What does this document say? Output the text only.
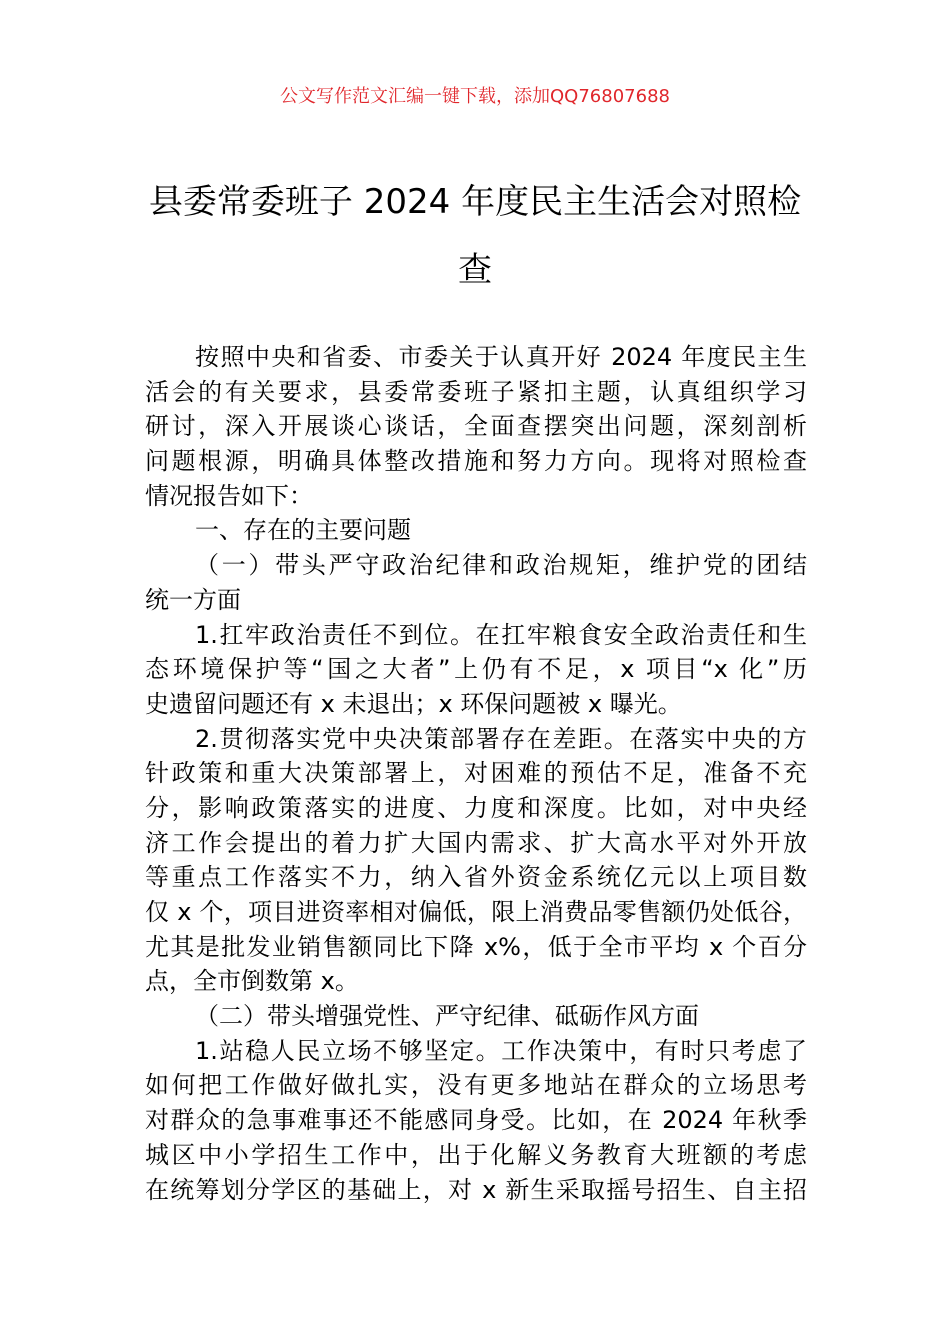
公文写作范文汇编一键下载，添加QQ76807688
县委常委班子 2024 年度民主生活会对照检
查
按照中央和省委、市委关于认真开好 2024 年度民主生
活会的有关要求，县委常委班子紧扣主题，认真组织学习
研讨，深入开展谈心谈话，全面查摆突出问题，深刻剖析
问题根源，明确具体整改措施和努力方向。现将对照检查
情况报告如下：
一、存在的主要问题
（一）带头严守政治纪律和政治规矩，维护党的团结
统一方面
1.扛牢政治责任不到位。在扛牢粮食安全政治责任和生
态环境保护等“国之大者”上仍有不足，x 项目“x 化”历
史遗留问题还有 x 未退出；x 环保问题被 x 曝光。
2.贯彻落实党中央决策部署存在差距。在落实中央的方
针政策和重大决策部署上，对困难的预估不足，准备不充
分，影响政策落实的进度、力度和深度。比如，对中央经
济工作会提出的着力扩大国内需求、扩大高水平对外开放
等重点工作落实不力，纳入省外资金系统亿元以上项目数
仅 x 个，项目进资率相对偏低，限上消费品零售额仍处低谷，
尤其是批发业销售额同比下降 x%，低于全市平均 x 个百分
点，全市倒数第 x。
（二）带头增强党性、严守纪律、砥砺作风方面
1.站稳人民立场不够坚定。工作决策中，有时只考虑了
如何把工作做好做扎实，没有更多地站在群众的立场思考
对群众的急事难事还不能感同身受。比如，在 2024 年秋季
城区中小学招生工作中，出于化解义务教育大班额的考虑
在统筹划分学区的基础上，对 x 新生采取摇号招生、自主招
